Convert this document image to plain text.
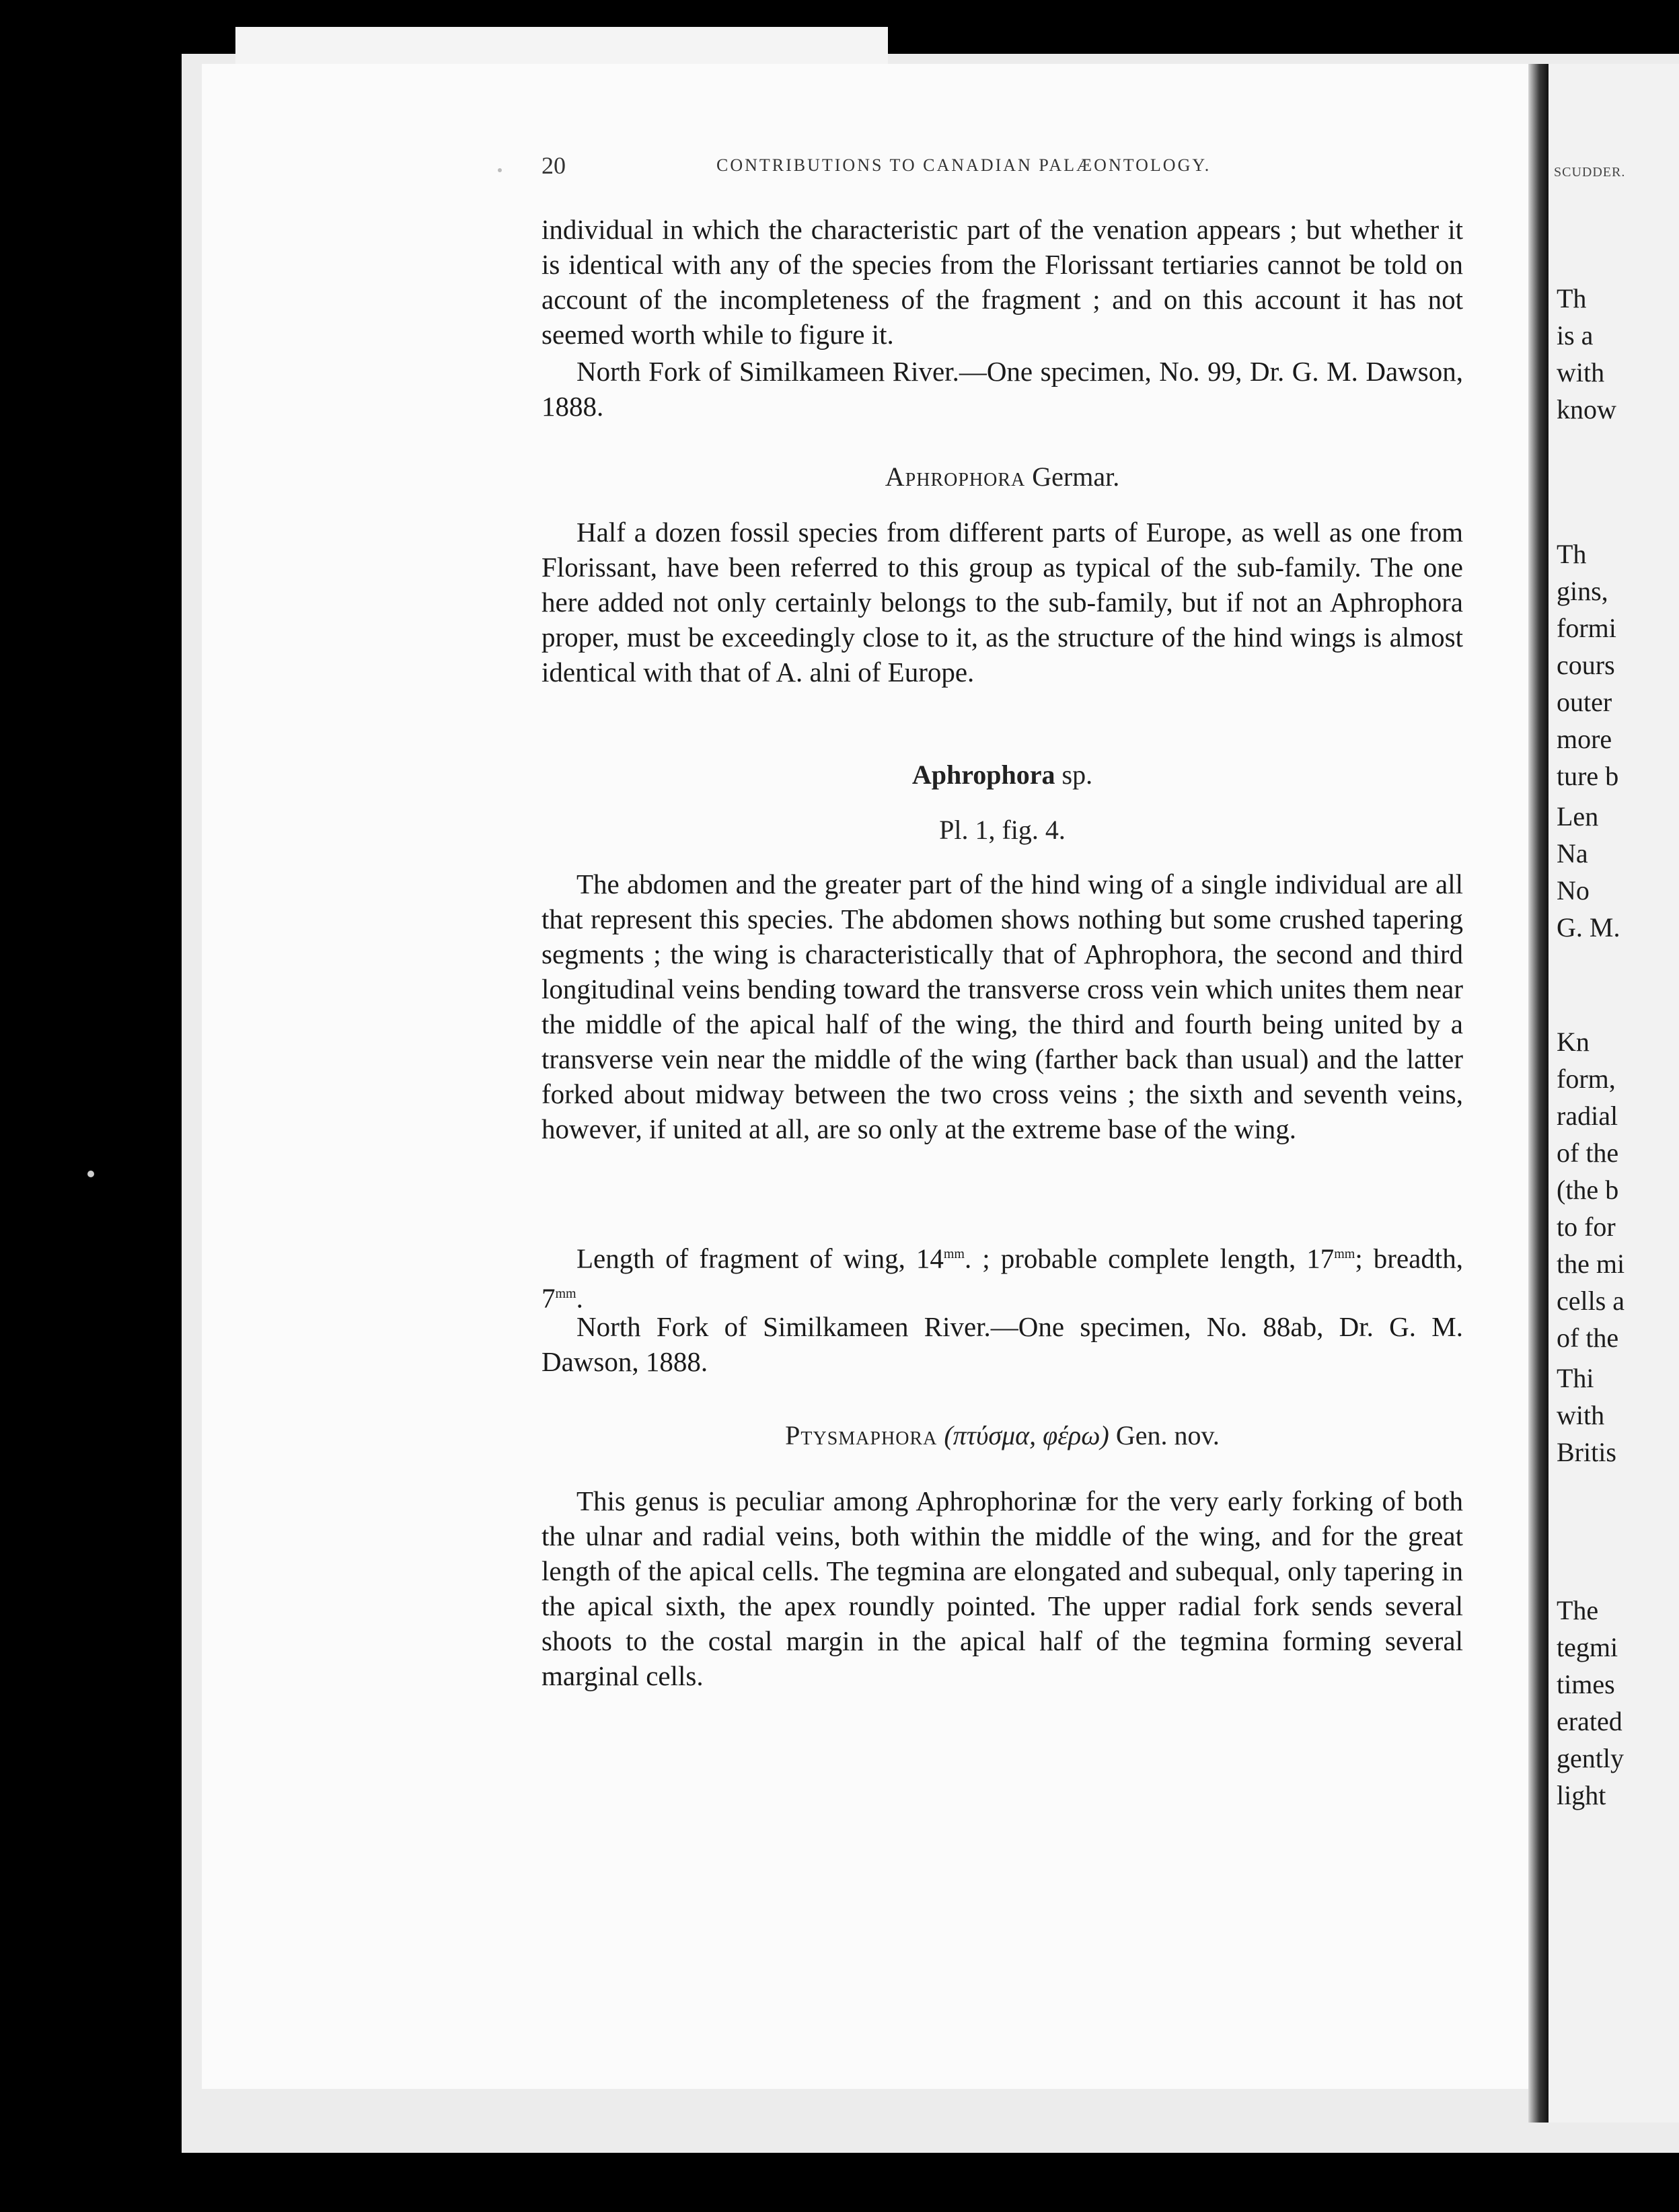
SCUDDER.
Th
is a
with
know
Th
gins,
formi
cours
outer
more
ture b
Len
Na
No
G. M.
Kn
form,
radial
of the
(the b
to for
the mi
cells a
of the
Thi
with
Britis
The
tegmi
times
erated
gently
light
20	CONTRIBUTIONS TO CANADIAN PALÆONTOLOGY.
individual in which the characteristic part of the venation appears ; but whether it is identical with any of the species from the Florissant tertiaries cannot be told on account of the incompleteness of the fragment ; and on this account it has not seemed worth while to figure it.
North Fork of Similkameen River.—One specimen, No. 99, Dr. G. M. Dawson, 1888.
Aphrophora Germar.
Half a dozen fossil species from different parts of Europe, as well as one from Florissant, have been referred to this group as typical of the sub-family. The one here added not only certainly belongs to the sub-family, but if not an Aphrophora proper, must be exceedingly close to it, as the structure of the hind wings is almost identical with that of A. alni of Europe.
Aphrophora sp.
Pl. 1, fig. 4.
The abdomen and the greater part of the hind wing of a single individual are all that represent this species. The abdomen shows nothing but some crushed tapering segments ; the wing is characteristically that of Aphrophora, the second and third longitudinal veins bending toward the transverse cross vein which unites them near the middle of the apical half of the wing, the third and fourth being united by a transverse vein near the middle of the wing (farther back than usual) and the latter forked about midway between the two cross veins ; the sixth and seventh veins, however, if united at all, are so only at the extreme base of the wing.
Length of fragment of wing, $14^{mm}$. ; probable complete length, $17^{mm}$; breadth, $7^{mm}$.
North Fork of Similkameen River.—One specimen, No. 88ab, Dr. G. M. Dawson, 1888.
Ptysmaphora (πτύσμα, φέρω) Gen. nov.
This genus is peculiar among Aphrophorinæ for the very early forking of both the ulnar and radial veins, both within the middle of the wing, and for the great length of the apical cells. The tegmina are elongated and subequal, only tapering in the apical sixth, the apex roundly pointed. The upper radial fork sends several shoots to the costal margin in the apical half of the tegmina forming several marginal cells.
